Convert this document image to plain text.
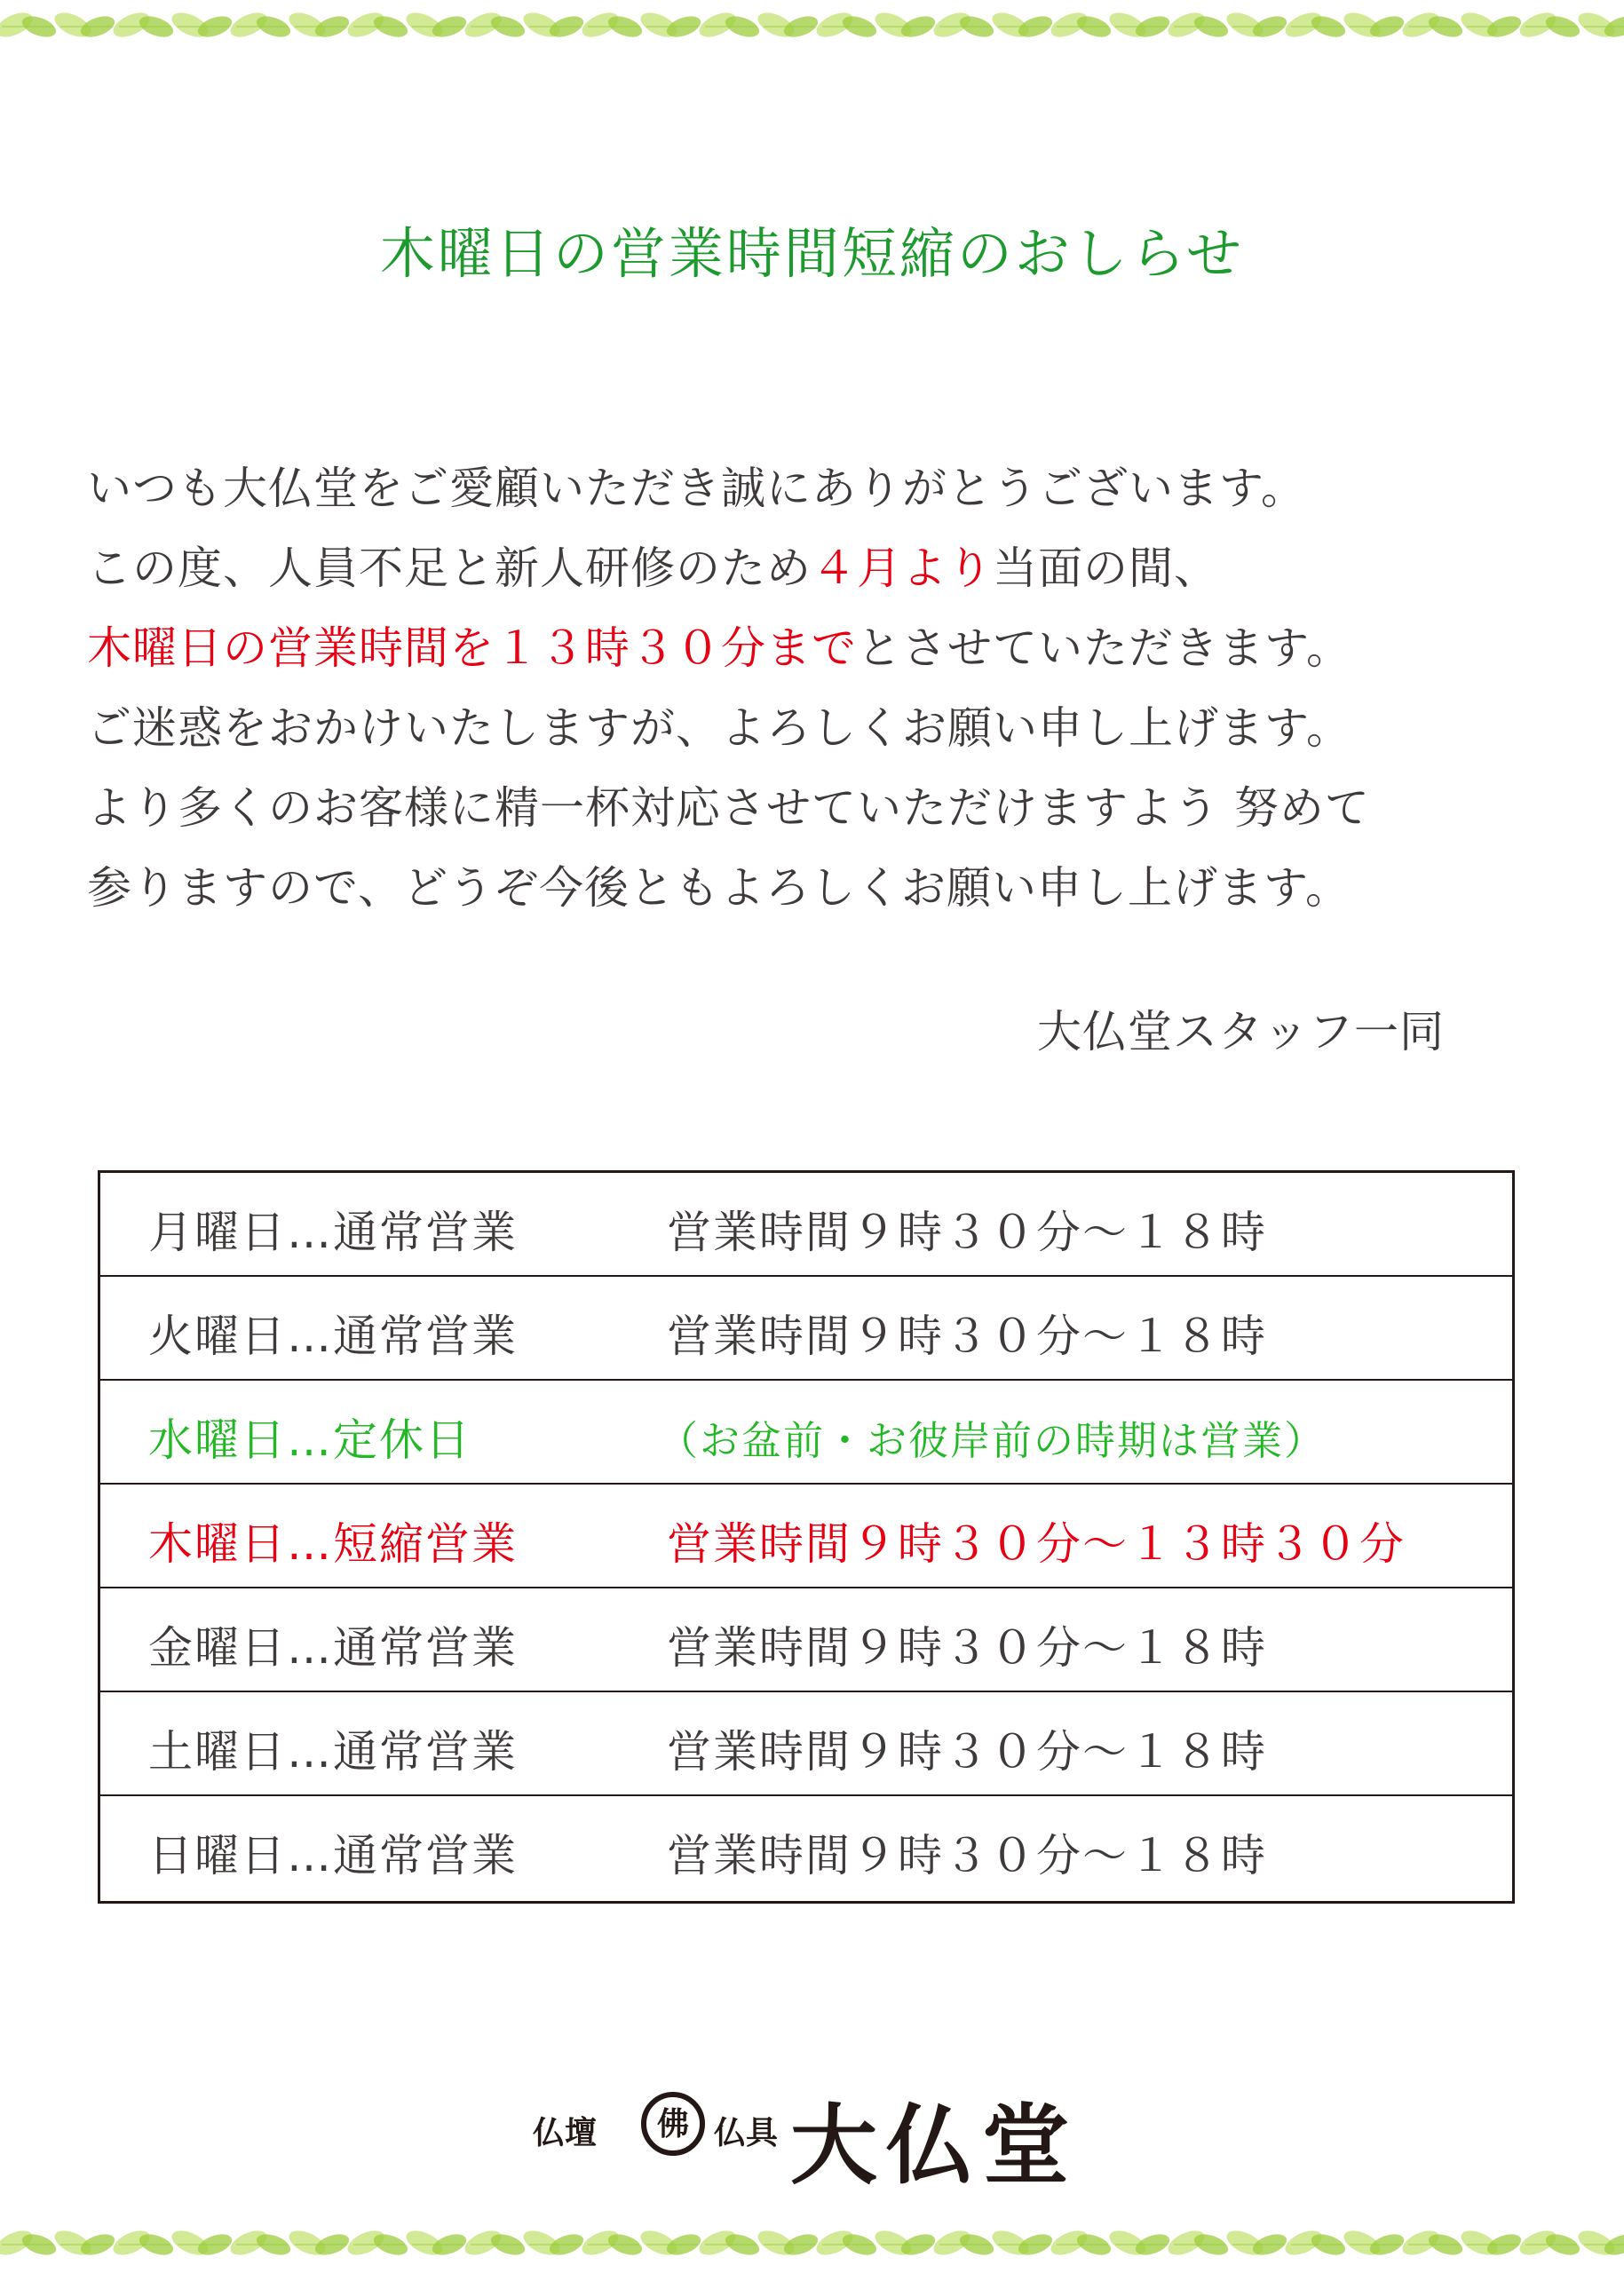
木曜日の営業時間短縮のおしらせ
いつも大仏堂をご愛顧いただき誠にありがとうございます。
この度、人員不足と新人研修のため４月より当面の間、
木曜日の営業時間を１３時３０分までとさせていただきます。
ご迷惑をおかけいたしますが、よろしくお願い申し上げます。
より多くのお客様に精一杯対応させていただけますよう 努めて
参りますので、どうぞ今後ともよろしくお願い申し上げます。
大仏堂スタッフ一同
月曜日…通常営業	営業時間９時３０分～１８時
火曜日…通常営業	営業時間９時３０分～１８時
水曜日…定休日	（お盆前・お彼岸前の時期は営業）
木曜日…短縮営業	営業時間９時３０分～１３時３０分
金曜日…通常営業	営業時間９時３０分～１８時
土曜日…通常営業	営業時間９時３０分～１８時
日曜日…通常営業	営業時間９時３０分～１８時
仏壇	佛 仏具 大仏堂
